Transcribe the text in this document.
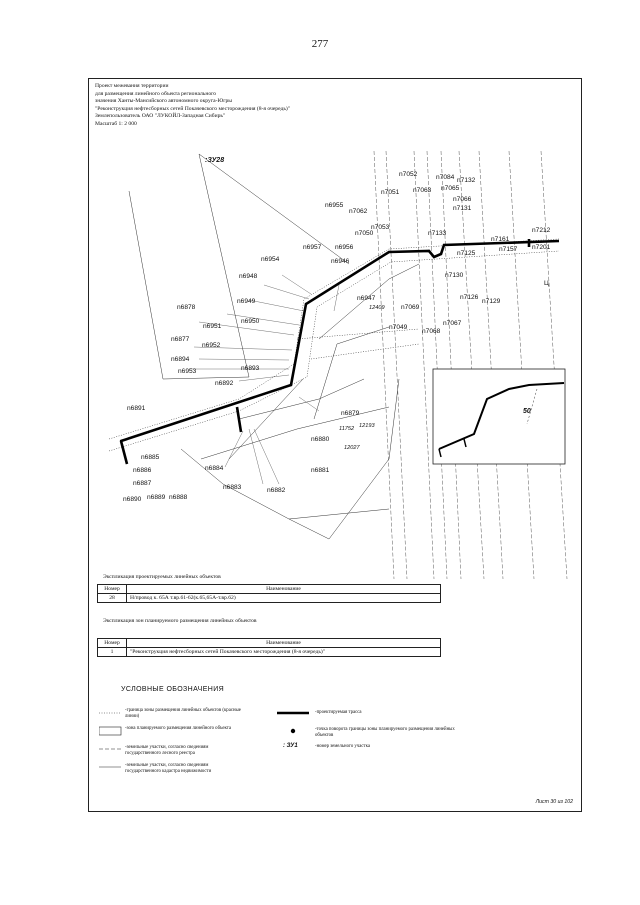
277
Проект межевания территории
для размещения линейного объекта регионального
значения Ханты-Мансийского автономного округа-Югры
"Реконструкция нефтесборных сетей Покачевского месторождения (8-я очередь)"
Землепользователь ОАО "ЛУКОЙЛ-Западная Сибирь"
Масштаб 1: 2 000
n7052	n7084 n7132
n7051 n7063 n7065
n7066
n7131
n6955
n7062
n7053
n7050	n7133
n7161
n7212
n6957 n6956
n7125
n7157 n7201
n6954	n6946
n7130
n6948
n6947	n7126
n7129
n6949
n7069
n6878
n6950
n6951	n7067
n7049
n7068
n6877
n6952
n6894
n6893
n6953
n6892
n6891
n6879
n6880
n6885
n6886	n6884	n6881
n6887
n6883	n6882
n6890 n6889 n6888
12409
11752 12193
12027
:ЗУ28
Ц
50
Экспликация проектируемых линейных объектов
Номер	Наименование
28	Н/провод к. 65А т.вр.61-62(к.65,65А-т.вр.62)
Экспликация зон планируемого размещения линейных объектов
Номер	Наименование
1	"Реконструкция нефтесборных сетей Покачевского месторождения (8-я очередь)"
УСЛОВНЫЕ ОБОЗНАЧЕНИЯ
-граница зоны размещения линейных объектов (красные линии)
-зона планируемого размещения линейного объекта
-земельные участки, согласно сведениям государственного лесного реестра
-земельные участки, согласно сведениям государственного кадастра недвижимости
: ЗУ1
-проектируемая трасса
-точка поворота границы зоны планируемого размещения линейных объектов
-номер земельного участка
Лист 30 из 102
